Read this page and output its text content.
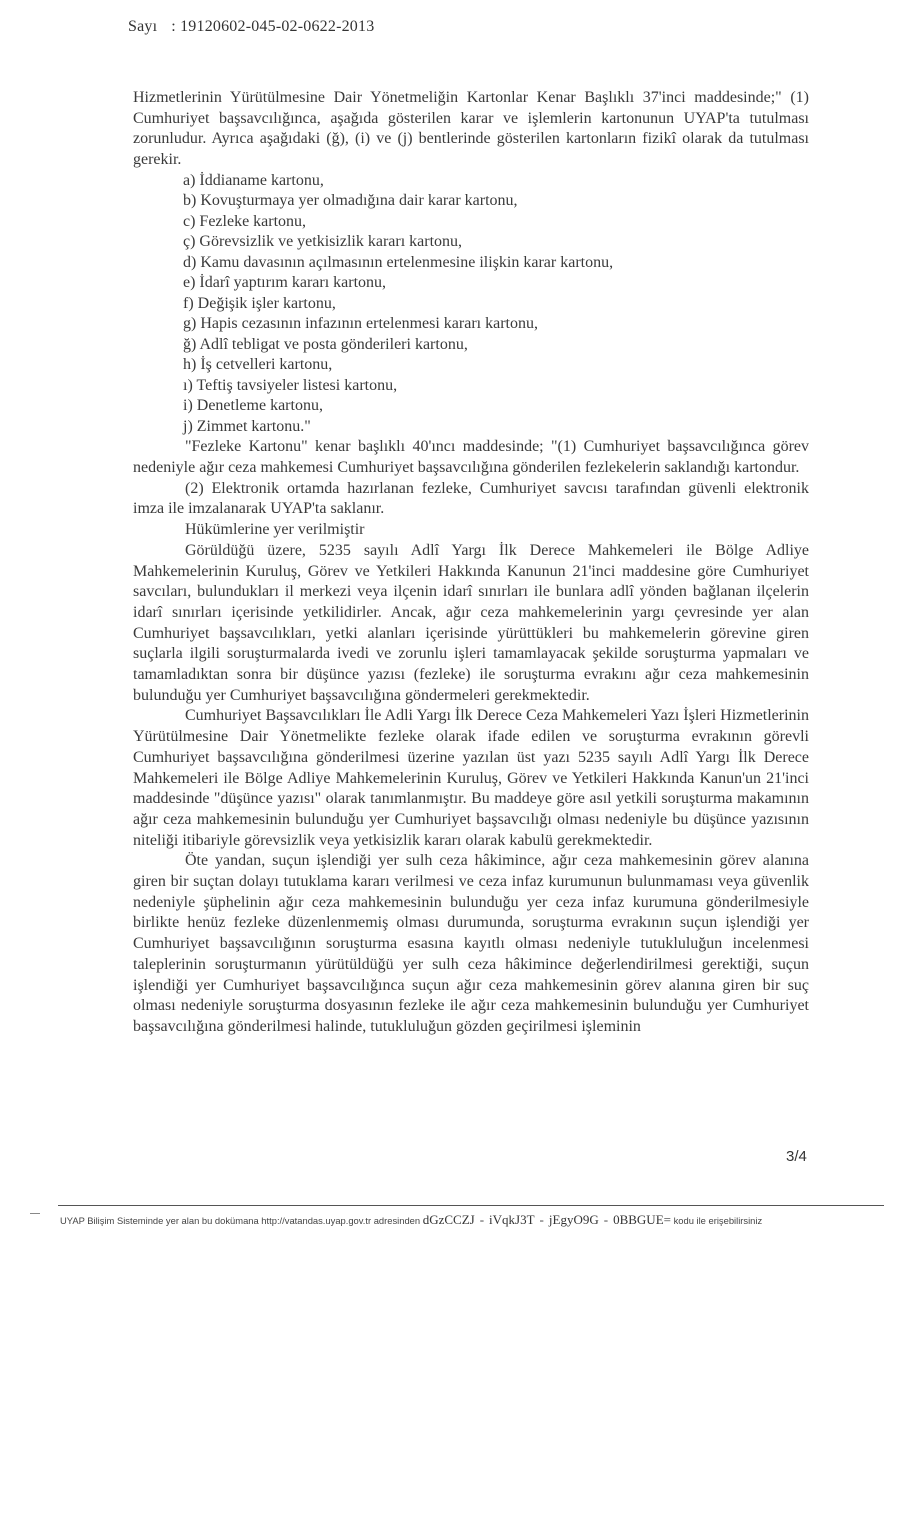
Sayı : 19120602-045-02-0622-2013

Hizmetlerinin Yürütülmesine Dair Yönetmeliğin Kartonlar Kenar Başlıklı 37'inci maddesinde;" (1) Cumhuriyet başsavcılığınca, aşağıda gösterilen karar ve işlemlerin kartonunun UYAP'ta tutulması zorunludur. Ayrıca aşağıdaki (ğ), (i) ve (j) bentlerinde gösterilen kartonların fizikî olarak da tutulması gerekir.

a) İddianame kartonu,
b) Kovuşturmaya yer olmadığına dair karar kartonu,
c) Fezleke kartonu,
ç) Görevsizlik ve yetkisizlik kararı kartonu,
d) Kamu davasının açılmasının ertelenmesine ilişkin karar kartonu,
e) İdarî yaptırım kararı kartonu,
f) Değişik işler kartonu,
g) Hapis cezasının infazının ertelenmesi kararı kartonu,
ğ) Adlî tebligat ve posta gönderileri kartonu,
h) İş cetvelleri kartonu,
ı) Teftiş tavsiyeler listesi kartonu,
i) Denetleme kartonu,
j) Zimmet kartonu."

"Fezleke Kartonu" kenar başlıklı 40'ıncı maddesinde; "(1) Cumhuriyet başsavcılığınca görev nedeniyle ağır ceza mahkemesi Cumhuriyet başsavcılığına gönderilen fezlekelerin saklandığı kartondur.

(2) Elektronik ortamda hazırlanan fezleke, Cumhuriyet savcısı tarafından güvenli elektronik imza ile imzalanarak UYAP'ta saklanır.

Hükümlerine yer verilmiştir

Görüldüğü üzere, 5235 sayılı Adlî Yargı İlk Derece Mahkemeleri ile Bölge Adliye Mahkemelerinin Kuruluş, Görev ve Yetkileri Hakkında Kanunun 21'inci maddesine göre Cumhuriyet savcıları, bulundukları il merkezi veya ilçenin idarî sınırları ile bunlara adlî yönden bağlanan ilçelerin idarî sınırları içerisinde yetkilidirler. Ancak, ağır ceza mahkemelerinin yargı çevresinde yer alan Cumhuriyet başsavcılıkları, yetki alanları içerisinde yürüttükleri bu mahkemelerin görevine giren suçlarla ilgili soruşturmalarda ivedi ve zorunlu işleri tamamlayacak şekilde soruşturma yapmaları ve tamamladıktan sonra bir düşünce yazısı (fezleke) ile soruşturma evrakını ağır ceza mahkemesinin bulunduğu yer Cumhuriyet başsavcılığına göndermeleri gerekmektedir.

Cumhuriyet Başsavcılıkları İle Adli Yargı İlk Derece Ceza Mahkemeleri Yazı İşleri Hizmetlerinin Yürütülmesine Dair Yönetmelikte fezleke olarak ifade edilen ve soruşturma evrakının görevli Cumhuriyet başsavcılığına gönderilmesi üzerine yazılan üst yazı 5235 sayılı Adlî Yargı İlk Derece Mahkemeleri ile Bölge Adliye Mahkemelerinin Kuruluş, Görev ve Yetkileri Hakkında Kanun'un 21'inci maddesinde "düşünce yazısı" olarak tanımlanmıştır. Bu maddeye göre asıl yetkili soruşturma makamının ağır ceza mahkemesinin bulunduğu yer Cumhuriyet başsavcılığı olması nedeniyle bu düşünce yazısının niteliği itibariyle görevsizlik veya yetkisizlik kararı olarak kabulü gerekmektedir.

Öte yandan, suçun işlendiği yer sulh ceza hâkimince, ağır ceza mahkemesinin görev alanına giren bir suçtan dolayı tutuklama kararı verilmesi ve ceza infaz kurumunun bulunmaması veya güvenlik nedeniyle şüphelinin ağır ceza mahkemesinin bulunduğu yer ceza infaz kurumuna gönderilmesiyle birlikte henüz fezleke düzenlenmemiş olması durumunda, soruşturma evrakının suçun işlendiği yer Cumhuriyet başsavcılığının soruşturma esasına kayıtlı olması nedeniyle tutukluluğun incelenmesi taleplerinin soruşturmanın yürütüldüğü yer sulh ceza hâkimince değerlendirilmesi gerektiği, suçun işlendiği yer Cumhuriyet başsavcılığınca suçun ağır ceza mahkemesinin görev alanına giren bir suç olması nedeniyle soruşturma dosyasının fezleke ile ağır ceza mahkemesinin bulunduğu yer Cumhuriyet başsavcılığına gönderilmesi halinde, tutukluluğun gözden geçirilmesi işleminin

3/4
UYAP Bilişim Sisteminde yer alan bu dokümana http://vatandas.uyap.gov.tr adresinden dGzCCZJ - iVqkJ3T - jEgyO9G - 0BBGUE= kodu ile erişebilirsiniz
